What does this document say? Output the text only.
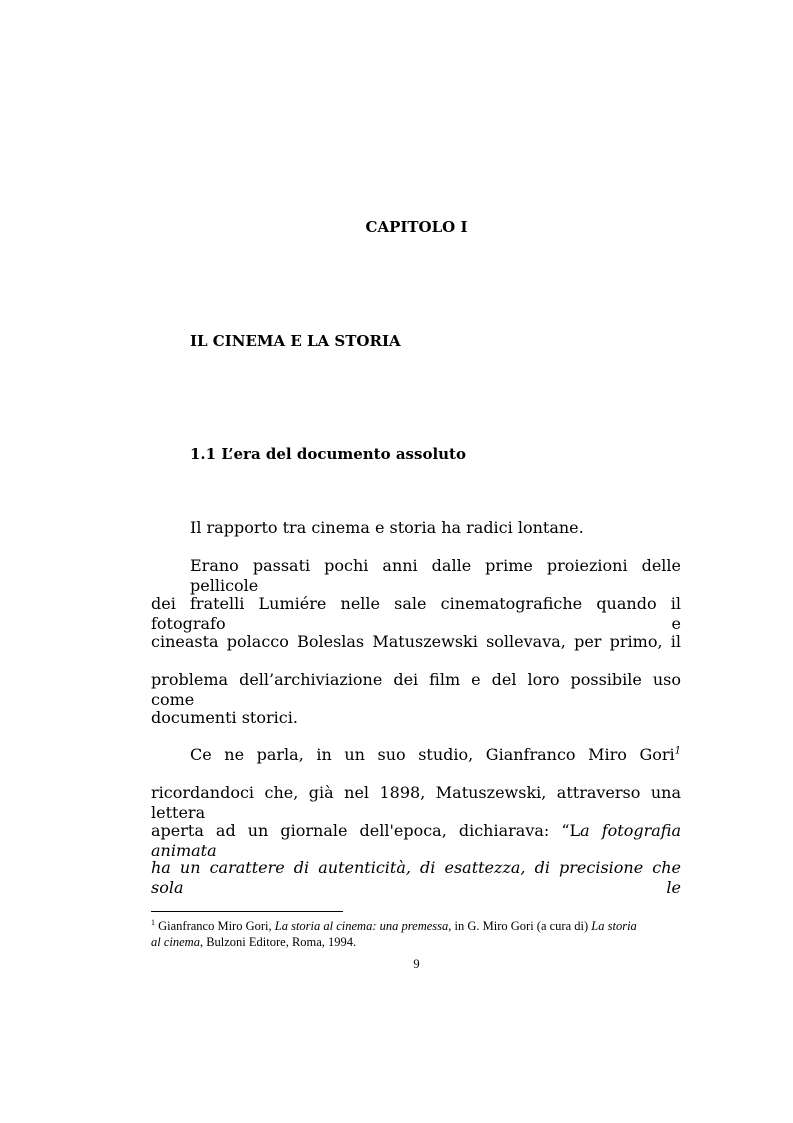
CAPITOLO I
IL CINEMA E LA STORIA
1.1 L’era del documento assoluto
Il rapporto tra cinema e storia ha radici lontane.
Erano passati pochi anni dalle prime proiezioni delle pellicole
dei fratelli Lumiére nelle sale cinematografiche quando il fotografo e
cineasta polacco Boleslas Matuszewski sollevava, per primo, il
problema dell’archiviazione dei film e del loro possibile uso come
documenti storici.
Ce ne parla, in un suo studio, Gianfranco Miro Gori$^1$
ricordandoci che, già nel 1898, Matuszewski, attraverso una lettera
aperta ad un giornale dell'epoca, dichiarava: “La fotografia animata
ha un carattere di autenticità, di esattezza, di precisione che sola le
$^1$ Gianfranco Miro Gori, La storia al cinema: una premessa, in G. Miro Gori (a cura di) La storia
al cinema, Bulzoni Editore, Roma, 1994.
9
